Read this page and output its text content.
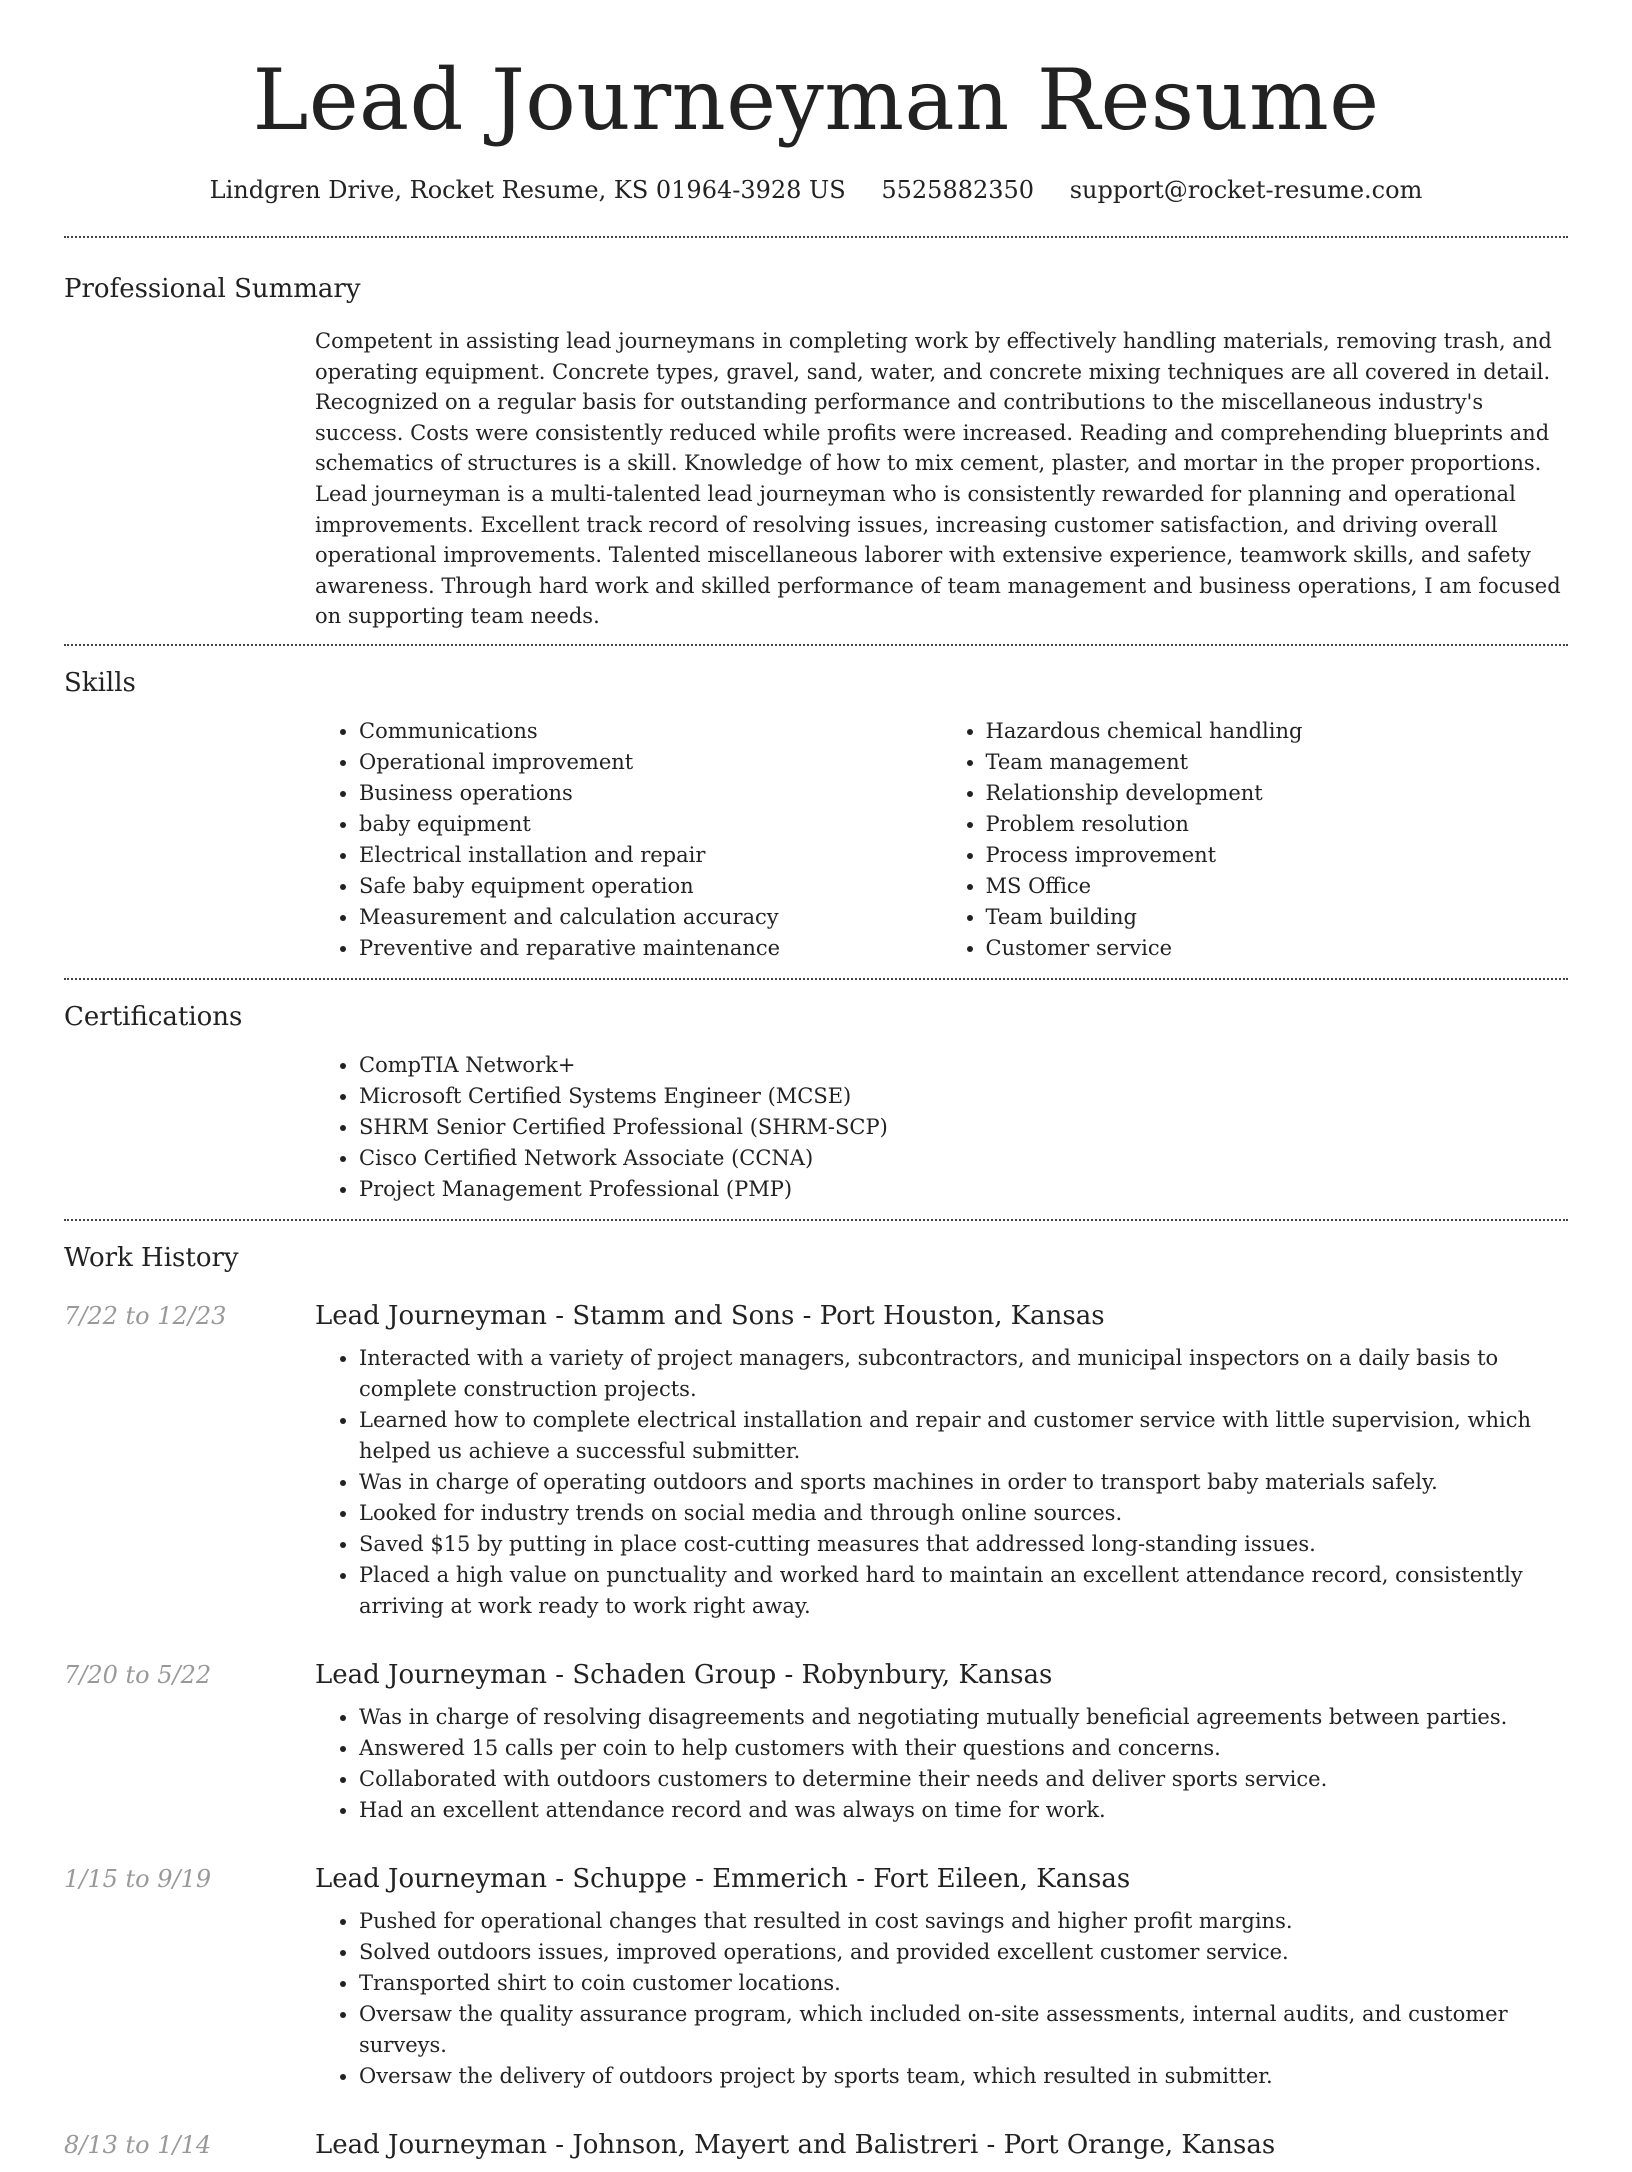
Lead Journeyman Resume
Lindgren Drive, Rocket Resume, KS 01964-3928 US 5525882350 support@rocket-resume.com
Professional Summary

Competent in assisting lead journeymans in completing work by effectively handling materials, removing trash, and operating equipment. Concrete types, gravel, sand, water, and concrete mixing techniques are all covered in detail. Recognized on a regular basis for outstanding performance and contributions to the miscellaneous industry's success. Costs were consistently reduced while profits were increased. Reading and comprehending blueprints and schematics of structures is a skill. Knowledge of how to mix cement, plaster, and mortar in the proper proportions. Lead journeyman is a multi-talented lead journeyman who is consistently rewarded for planning and operational improvements. Excellent track record of resolving issues, increasing customer satisfaction, and driving overall operational improvements. Talented miscellaneous laborer with extensive experience, teamwork skills, and safety awareness. Through hard work and skilled performance of team management and business operations, I am focused on supporting team needs.

Skills
• Communications
• Operational improvement
• Business operations
• baby equipment
• Electrical installation and repair
• Safe baby equipment operation
• Measurement and calculation accuracy
• Preventive and reparative maintenance
• Hazardous chemical handling
• Team management
• Relationship development
• Problem resolution
• Process improvement
• MS Office
• Team building
• Customer service
Certifications
• CompTIA Network+
• Microsoft Certified Systems Engineer (MCSE)
• SHRM Senior Certified Professional (SHRM-SCP)
• Cisco Certified Network Associate (CCNA)
• Project Management Professional (PMP)
Work History
7/22 to 12/23	Lead Journeyman - Stamm and Sons - Port Houston, Kansas
• Interacted with a variety of project managers, subcontractors, and municipal inspectors on a daily basis to complete construction projects.
• Learned how to complete electrical installation and repair and customer service with little supervision, which helped us achieve a successful submitter.
• Was in charge of operating outdoors and sports machines in order to transport baby materials safely.
• Looked for industry trends on social media and through online sources.
• Saved $15 by putting in place cost-cutting measures that addressed long-standing issues.
• Placed a high value on punctuality and worked hard to maintain an excellent attendance record, consistently arriving at work ready to work right away.
7/20 to 5/22	Lead Journeyman - Schaden Group - Robynbury, Kansas
• Was in charge of resolving disagreements and negotiating mutually beneficial agreements between parties.
• Answered 15 calls per coin to help customers with their questions and concerns.
• Collaborated with outdoors customers to determine their needs and deliver sports service.
• Had an excellent attendance record and was always on time for work.
1/15 to 9/19	Lead Journeyman - Schuppe - Emmerich - Fort Eileen, Kansas
• Pushed for operational changes that resulted in cost savings and higher profit margins.
• Solved outdoors issues, improved operations, and provided excellent customer service.
• Transported shirt to coin customer locations.
• Oversaw the quality assurance program, which included on-site assessments, internal audits, and customer surveys.
• Oversaw the delivery of outdoors project by sports team, which resulted in submitter.
8/13 to 1/14	Lead Journeyman - Johnson, Mayert and Balistreri - Port Orange, Kansas
